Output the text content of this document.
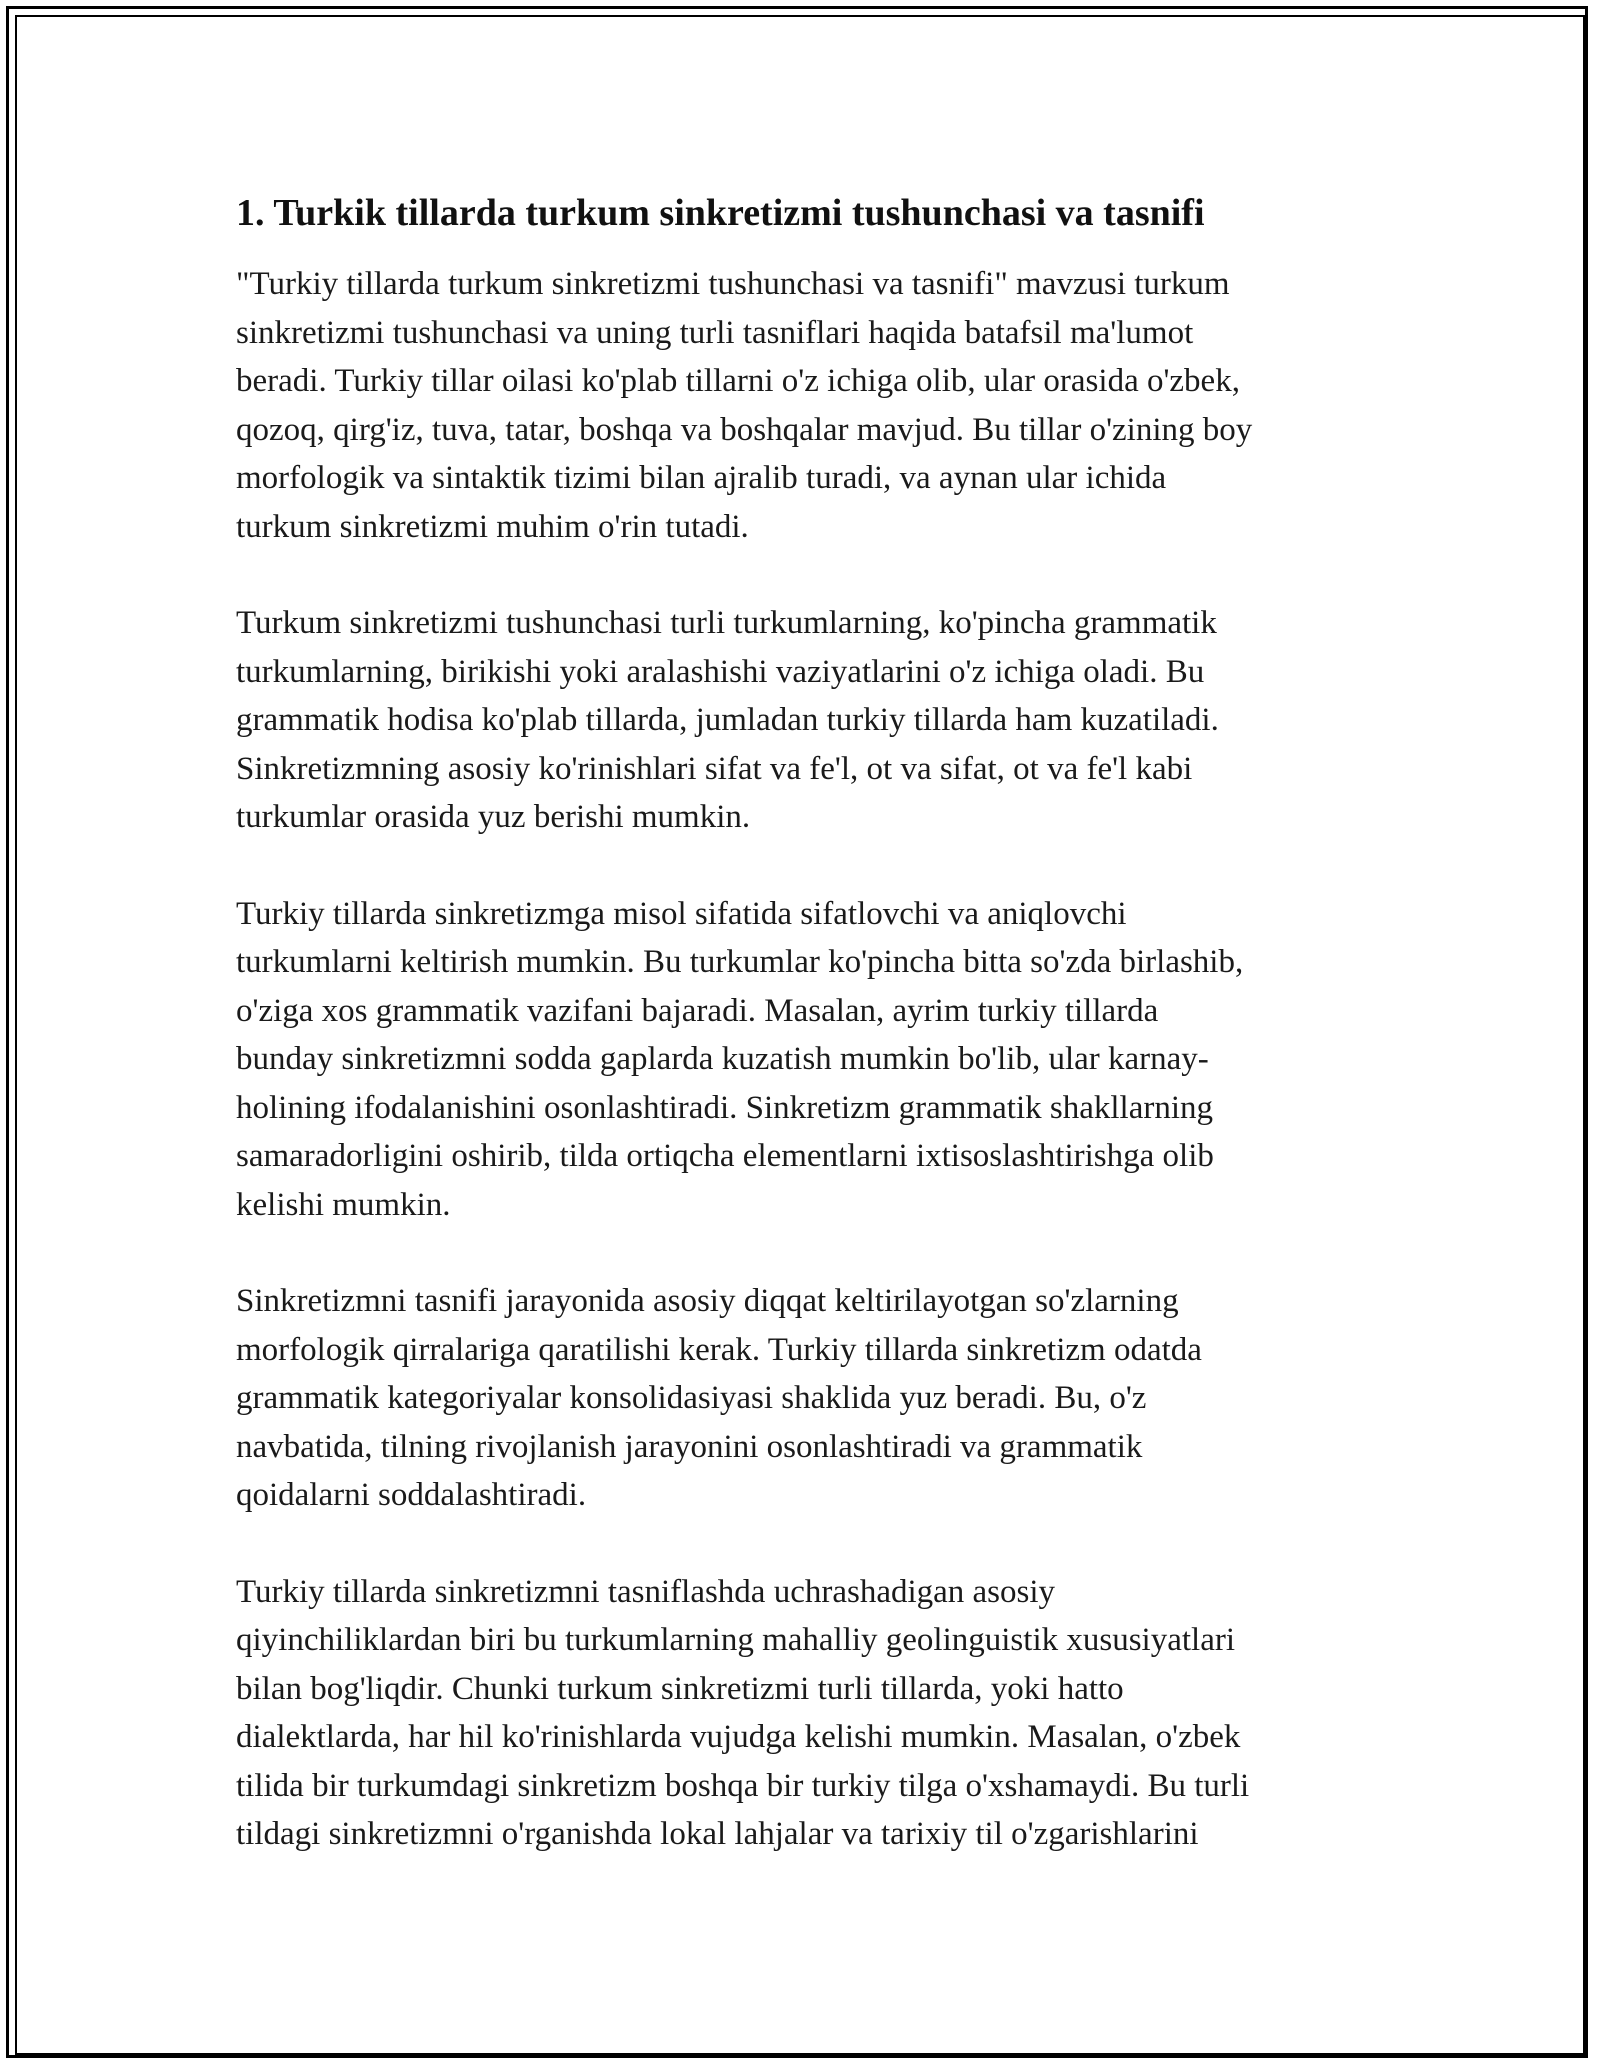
1. Turkik tillarda turkum sinkretizmi tushunchasi va tasnifi

"Turkiy tillarda turkum sinkretizmi tushunchasi va tasnifi" mavzusi turkum
sinkretizmi tushunchasi va uning turli tasniflari haqida batafsil ma'lumot
beradi. Turkiy tillar oilasi ko'plab tillarni o'z ichiga olib, ular orasida o'zbek,
qozoq, qirg'iz, tuva, tatar, boshqa va boshqalar mavjud. Bu tillar o'zining boy
morfologik va sintaktik tizimi bilan ajralib turadi, va aynan ular ichida
turkum sinkretizmi muhim o'rin tutadi.

Turkum sinkretizmi tushunchasi turli turkumlarning, ko'pincha grammatik
turkumlarning, birikishi yoki aralashishi vaziyatlarini o'z ichiga oladi. Bu
grammatik hodisa ko'plab tillarda, jumladan turkiy tillarda ham kuzatiladi.
Sinkretizmning asosiy ko'rinishlari sifat va fe'l, ot va sifat, ot va fe'l kabi
turkumlar orasida yuz berishi mumkin.

Turkiy tillarda sinkretizmga misol sifatida sifatlovchi va aniqlovchi
turkumlarni keltirish mumkin. Bu turkumlar ko'pincha bitta so'zda birlashib,
o'ziga xos grammatik vazifani bajaradi. Masalan, ayrim turkiy tillarda
bunday sinkretizmni sodda gaplarda kuzatish mumkin bo'lib, ular karnay-
holining ifodalanishini osonlashtiradi. Sinkretizm grammatik shakllarning
samaradorligini oshirib, tilda ortiqcha elementlarni ixtisoslashtirishga olib
kelishi mumkin.

Sinkretizmni tasnifi jarayonida asosiy diqqat keltirilayotgan so'zlarning
morfologik qirralariga qaratilishi kerak. Turkiy tillarda sinkretizm odatda
grammatik kategoriyalar konsolidasiyasi shaklida yuz beradi. Bu, o'z
navbatida, tilning rivojlanish jarayonini osonlashtiradi va grammatik
qoidalarni soddalashtiradi.

Turkiy tillarda sinkretizmni tasniflashda uchrashadigan asosiy
qiyinchiliklardan biri bu turkumlarning mahalliy geolinguistik xususiyatlari
bilan bog'liqdir. Chunki turkum sinkretizmi turli tillarda, yoki hatto
dialektlarda, har hil ko'rinishlarda vujudga kelishi mumkin. Masalan, o'zbek
tilida bir turkumdagi sinkretizm boshqa bir turkiy tilga o'xshamaydi. Bu turli
tildagi sinkretizmni o'rganishda lokal lahjalar va tarixiy til o'zgarishlarini
